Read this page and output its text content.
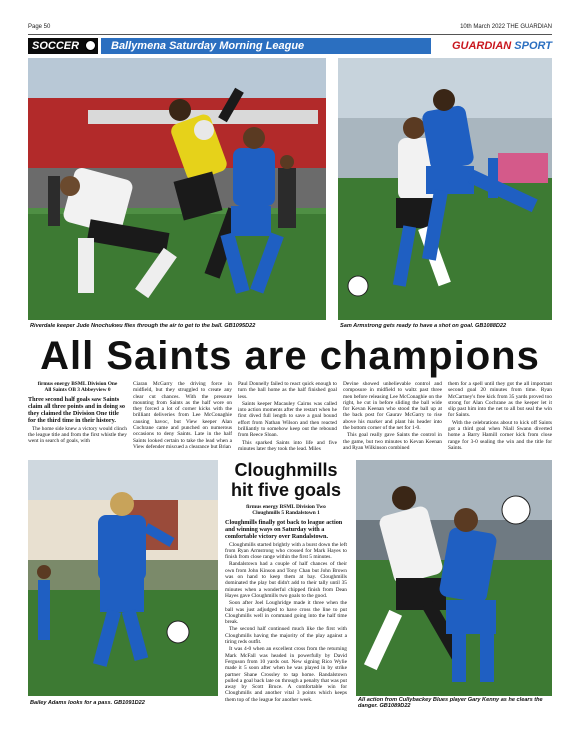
Page 50	10th March 2022 THE GUARDIAN
SOCCER	Ballymena Saturday Morning League	GUARDIAN SPORT
Riverdale keeper Jude Nnochukwu flies through the air to get to the ball. GB1095D22	Sam Armstrong gets ready to have a shot on goal. GB1088D22
All Saints are champions

firmus energy BSML Division One
All Saints OB 3 Abbeyview 0

Three second half goals saw Saints claim all three points and in doing so they claimed the Division One title for the third time in their history.

The home side knew a victory would clinch the league title and from the first whistle they went in search of goals, with

Ciaran McGarry the driving force in midfield, but they struggled to create any clear cut chances. With the pressure mounting from Saints as the half wore on they forced a lot of corner kicks with the brilliant deliveries from Lee McConaghie causing havoc, but View keeper Alan Cochrane came and punched on numerous occasions to deny Saints. Late in the half Saints looked certain to take the lead when a View defender miscued a clearance but Brian

Paul Donnelly failed to react quick enough to turn the ball home as the half finished goal less.

Saints keeper Macauley Cairns was called into action moments after the restart when he first dived full length to save a goal bound effort from Nathan Wilson and then reacted brilliantly to somehow keep out the rebound from Reece Sloan.

This sparked Saints into life and five minutes later they took the lead. Miles

Devine showed unbelievable control and composure in midfield to waltz past three men before releasing Lee McConaghie on the right, he cut in before sliding the ball wide for Kevan Keenan who stood the ball up at the back post for Gaurav McGarry to rise above his marker and plant his header into the bottom corner of the net for 1-0.

This goal really gave Saints the control in the game, but two minutes to Kevan Keenan and Ryan Wilkinson combined

them for a spell until they got the all important second goal 20 minutes from time. Ryan McCartney's free kick from 35 yards proved too strong for Alan Cochrane as the keeper let it slip past him into the net to all but seal the win for Saints.

With the celebrations about to kick off Saints got a third goal when Niall Swann diverted home a Barry Hamill corner kick from close range for 3-0 sealing the win and the title for Saints.

Bailey Adams looks for a pass. GB1091D22
Cloughmills
hit five goals

firmus energy BSML Division Two
Cloughmills 5 Randalstown 1

Cloughmills finally got back to league action and winning ways on Saturday with a comfortable victory over Randalstown.

Cloughmills started brightly with a burst down the left from Ryan Armstrong who crossed for Mark Hayes to finish from close range within the first 5 minutes.

Randalstown had a couple of half chances of their own from John Kinson and Tony Chan but John Brown was on hand to keep them at bay. Cloughmills dominated the play but didn't add to their tally until 35 minutes when a wonderful chipped finish from Dean Hayes gave Cloughmills two goals to the good.

Soon after Joel Loughridge made it three when the ball was just adjudged to have cross the line to put Cloughmills well in command going into the half time break.

The second half continued much like the first with Cloughmills having the majority of the play against a tiring reds outfit.

It was 4-0 when an excellent cross from the returning Mark McFall was headed in powerfully by David Ferguson from 10 yards out. New signing Rico Wylie made it 5 soon after when he was played in by strike partner Shane Crossley to tap home. Randalstown pulled a goal back late on through a penalty that was put away by Scott Bruce. A comfortable win for Cloughmills and another vital 3 points which keeps them top of the league for another week.	All action from Cullybackey Blues player Gary Kenny as he clears the danger. GB1089D22
